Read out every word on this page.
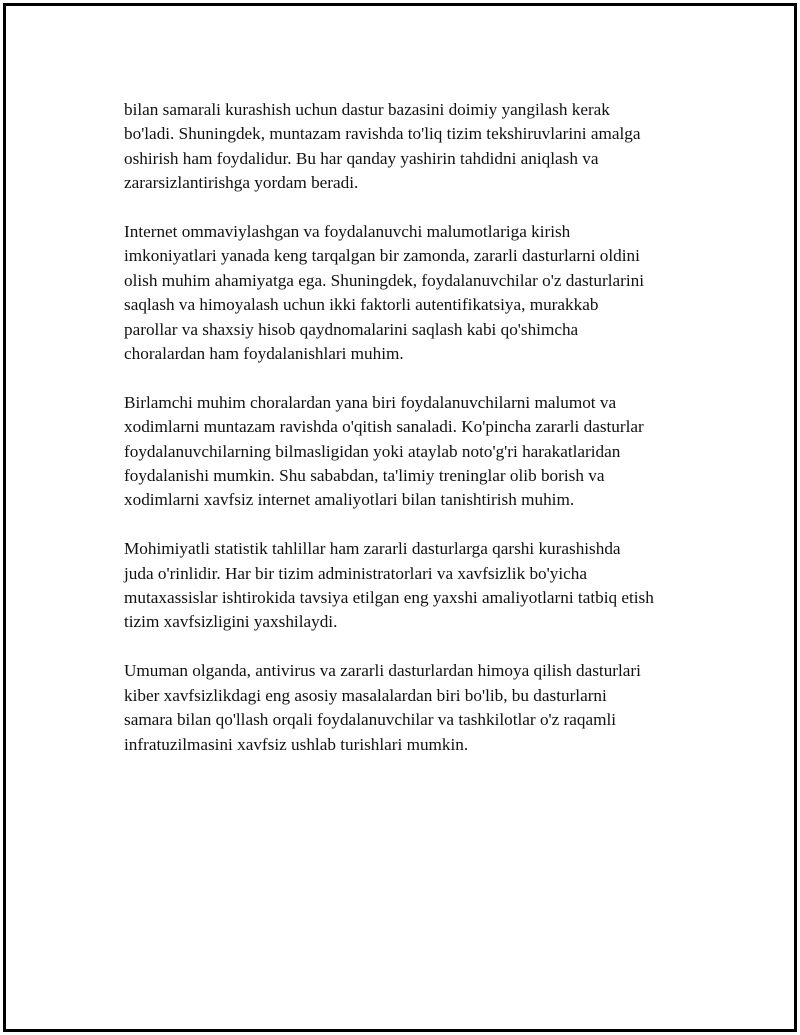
bilan samarali kurashish uchun dastur bazasini doimiy yangilash kerak
bo'ladi. Shuningdek, muntazam ravishda to'liq tizim tekshiruvlarini amalga
oshirish ham foydalidur. Bu har qanday yashirin tahdidni aniqlash va
zararsizlantirishga yordam beradi.

Internet ommaviylashgan va foydalanuvchi malumotlariga kirish
imkoniyatlari yanada keng tarqalgan bir zamonda, zararli dasturlarni oldini
olish muhim ahamiyatga ega. Shuningdek, foydalanuvchilar o'z dasturlarini
saqlash va himoyalash uchun ikki faktorli autentifikatsiya, murakkab
parollar va shaxsiy hisob qaydnomalarini saqlash kabi qo'shimcha
choralardan ham foydalanishlari muhim.

Birlamchi muhim choralardan yana biri foydalanuvchilarni malumot va
xodimlarni muntazam ravishda o'qitish sanaladi. Ko'pincha zararli dasturlar
foydalanuvchilarning bilmasligidan yoki ataylab noto'g'ri harakatlaridan
foydalanishi mumkin. Shu sababdan, ta'limiy treninglar olib borish va
xodimlarni xavfsiz internet amaliyotlari bilan tanishtirish muhim.

Mohimiyatli statistik tahlillar ham zararli dasturlarga qarshi kurashishda
juda o'rinlidir. Har bir tizim administratorlari va xavfsizlik bo'yicha
mutaxassislar ishtirokida tavsiya etilgan eng yaxshi amaliyotlarni tatbiq etish
tizim xavfsizligini yaxshilaydi.

Umuman olganda, antivirus va zararli dasturlardan himoya qilish dasturlari
kiber xavfsizlikdagi eng asosiy masalalardan biri bo'lib, bu dasturlarni
samara bilan qo'llash orqali foydalanuvchilar va tashkilotlar o'z raqamli
infratuzilmasini xavfsiz ushlab turishlari mumkin.
